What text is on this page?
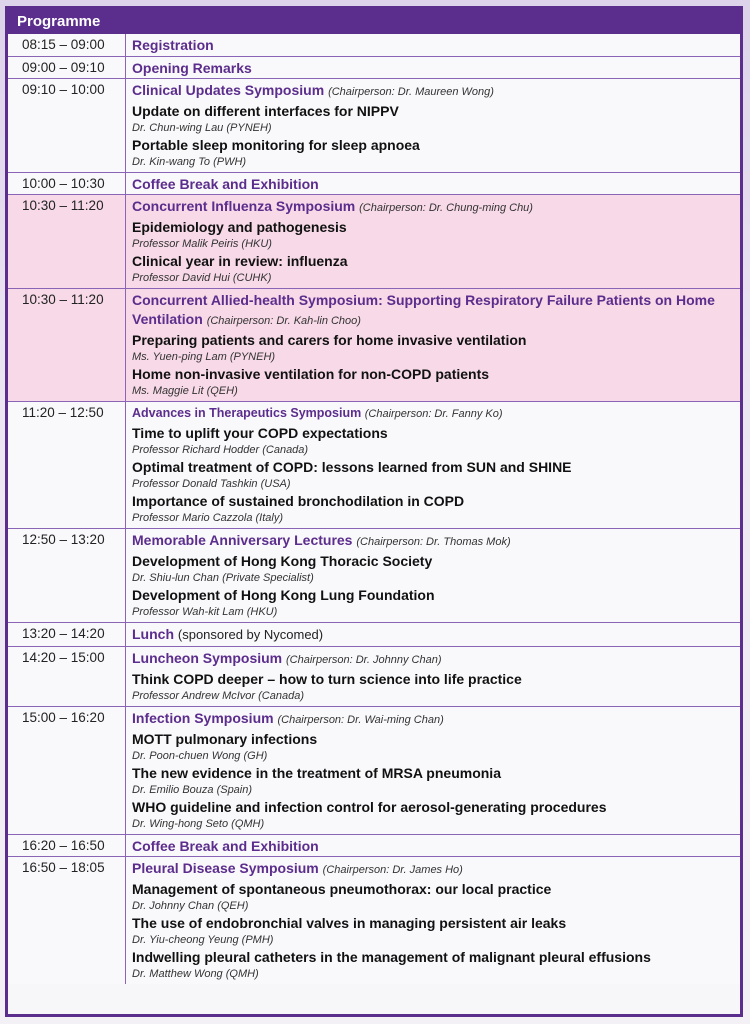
Programme
08:15 – 09:00	Registration
09:00 – 09:10	Opening Remarks
09:10 – 10:00	Clinical Updates Symposium (Chairperson: Dr. Maureen Wong)
Update on different interfaces for NIPPV
Dr. Chun-wing Lau (PYNEH)
Portable sleep monitoring for sleep apnoea
Dr. Kin-wang To (PWH)
10:00 – 10:30	Coffee Break and Exhibition
10:30 – 11:20	Concurrent Influenza Symposium (Chairperson: Dr. Chung-ming Chu)
Epidemiology and pathogenesis
Professor Malik Peiris (HKU)
Clinical year in review: influenza
Professor David Hui (CUHK)
10:30 – 11:20	Concurrent Allied-health Symposium: Supporting Respiratory Failure Patients on Home Ventilation (Chairperson: Dr. Kah-lin Choo)
Preparing patients and carers for home invasive ventilation
Ms. Yuen-ping Lam (PYNEH)
Home non-invasive ventilation for non-COPD patients
Ms. Maggie Lit (QEH)
11:20 – 12:50	Advances in Therapeutics Symposium (Chairperson: Dr. Fanny Ko)
Time to uplift your COPD expectations
Professor Richard Hodder (Canada)
Optimal treatment of COPD: lessons learned from SUN and SHINE
Professor Donald Tashkin (USA)
Importance of sustained bronchodilation in COPD
Professor Mario Cazzola (Italy)
12:50 – 13:20	Memorable Anniversary Lectures (Chairperson: Dr. Thomas Mok)
Development of Hong Kong Thoracic Society
Dr. Shiu-lun Chan (Private Specialist)
Development of Hong Kong Lung Foundation
Professor Wah-kit Lam (HKU)
13:20 – 14:20	Lunch (sponsored by Nycomed)
14:20 – 15:00	Luncheon Symposium (Chairperson: Dr. Johnny Chan)
Think COPD deeper – how to turn science into life practice
Professor Andrew McIvor (Canada)
15:00 – 16:20	Infection Symposium (Chairperson: Dr. Wai-ming Chan)
MOTT pulmonary infections
Dr. Poon-chuen Wong (GH)
The new evidence in the treatment of MRSA pneumonia
Dr. Emilio Bouza (Spain)
WHO guideline and infection control for aerosol-generating procedures
Dr. Wing-hong Seto (QMH)
16:20 – 16:50	Coffee Break and Exhibition
16:50 – 18:05	Pleural Disease Symposium (Chairperson: Dr. James Ho)
Management of spontaneous pneumothorax: our local practice
Dr. Johnny Chan (QEH)
The use of endobronchial valves in managing persistent air leaks
Dr. Yiu-cheong Yeung (PMH)
Indwelling pleural catheters in the management of malignant pleural effusions
Dr. Matthew Wong (QMH)
